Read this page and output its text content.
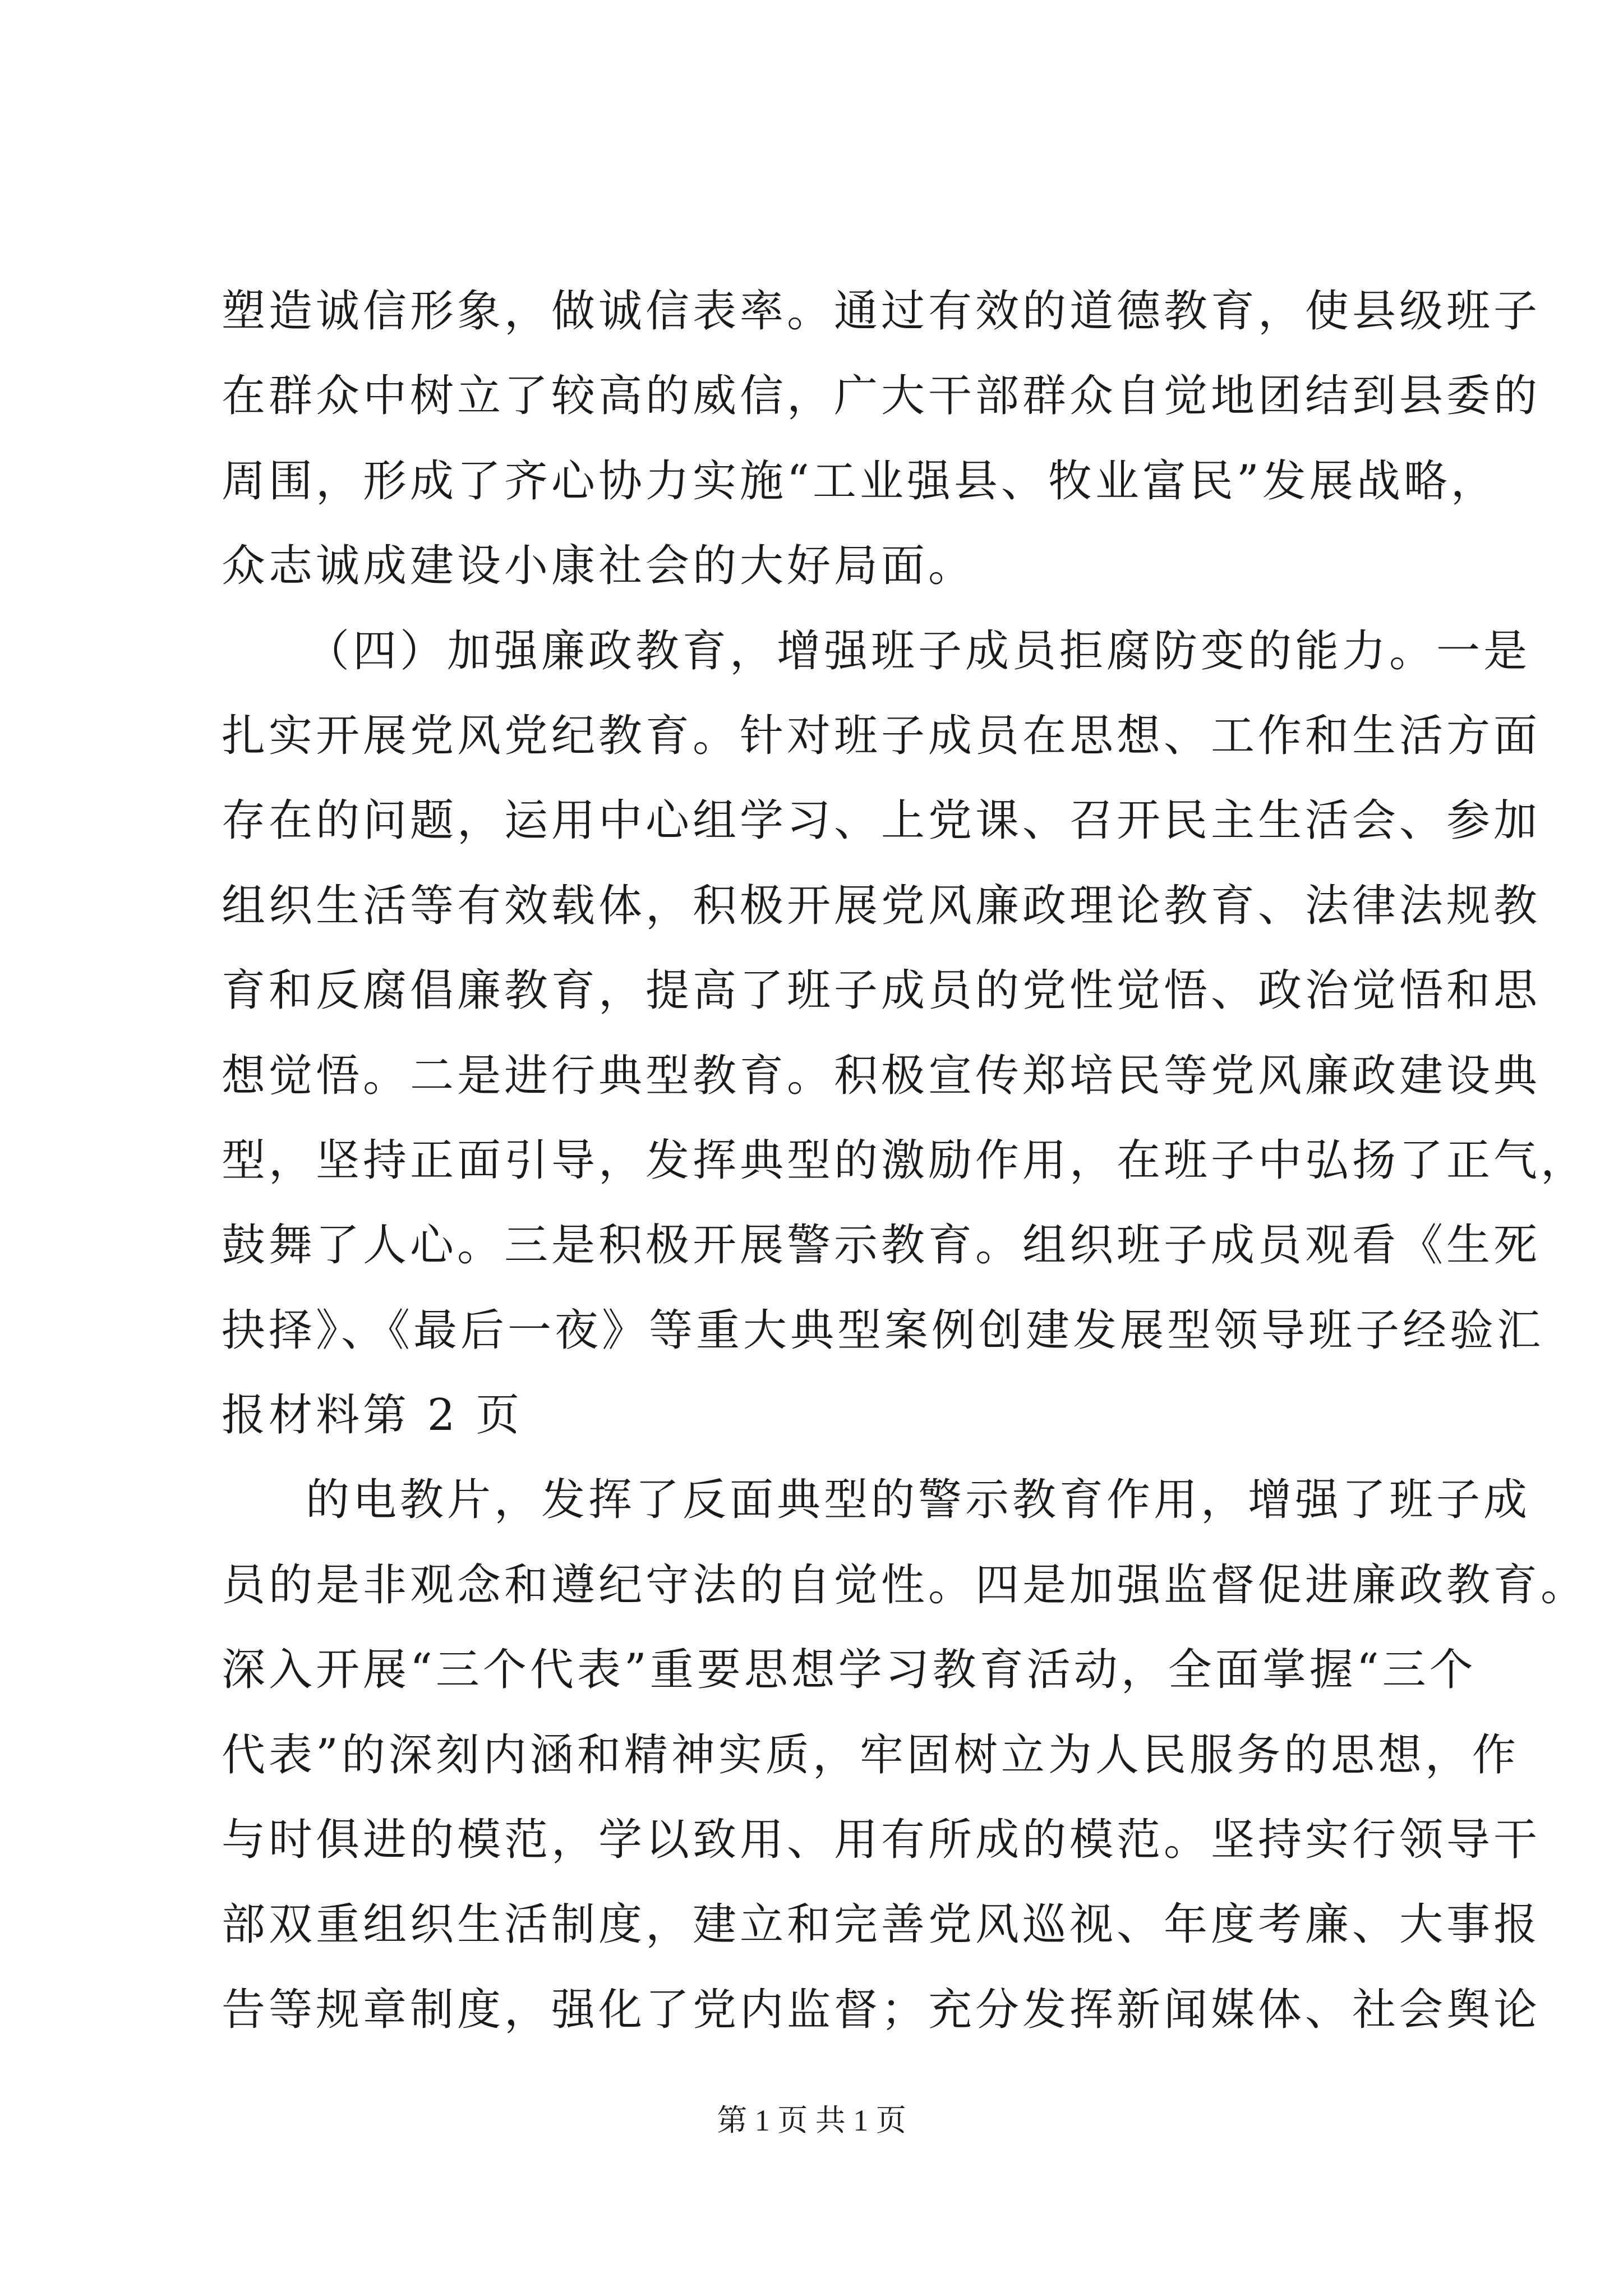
塑造诚信形象，做诚信表率。通过有效的道德教育，使县级班子
在群众中树立了较高的威信，广大干部群众自觉地团结到县委的
周围，形成了齐心协力实施“工业强县、牧业富民”发展战略，
众志诚成建设小康社会的大好局面。
（四）加强廉政教育，增强班子成员拒腐防变的能力。一是
扎实开展党风党纪教育。针对班子成员在思想、工作和生活方面
存在的问题，运用中心组学习、上党课、召开民主生活会、参加
组织生活等有效载体，积极开展党风廉政理论教育、法律法规教
育和反腐倡廉教育，提高了班子成员的党性觉悟、政治觉悟和思
想觉悟。二是进行典型教育。积极宣传郑培民等党风廉政建设典
型，坚持正面引导，发挥典型的激励作用，在班子中弘扬了正气，
鼓舞了人心。三是积极开展警示教育。组织班子成员观看《生死
抉择》、《最后一夜》等重大典型案例创建发展型领导班子经验汇
报材料第 2 页
的电教片，发挥了反面典型的警示教育作用，增强了班子成
员的是非观念和遵纪守法的自觉性。四是加强监督促进廉政教育。
深入开展“三个代表”重要思想学习教育活动，全面掌握“三个
代表”的深刻内涵和精神实质，牢固树立为人民服务的思想，作
与时俱进的模范，学以致用、用有所成的模范。坚持实行领导干
部双重组织生活制度，建立和完善党风巡视、年度考廉、大事报
告等规章制度，强化了党内监督；充分发挥新闻媒体、社会舆论
第 1 页 共 1 页
